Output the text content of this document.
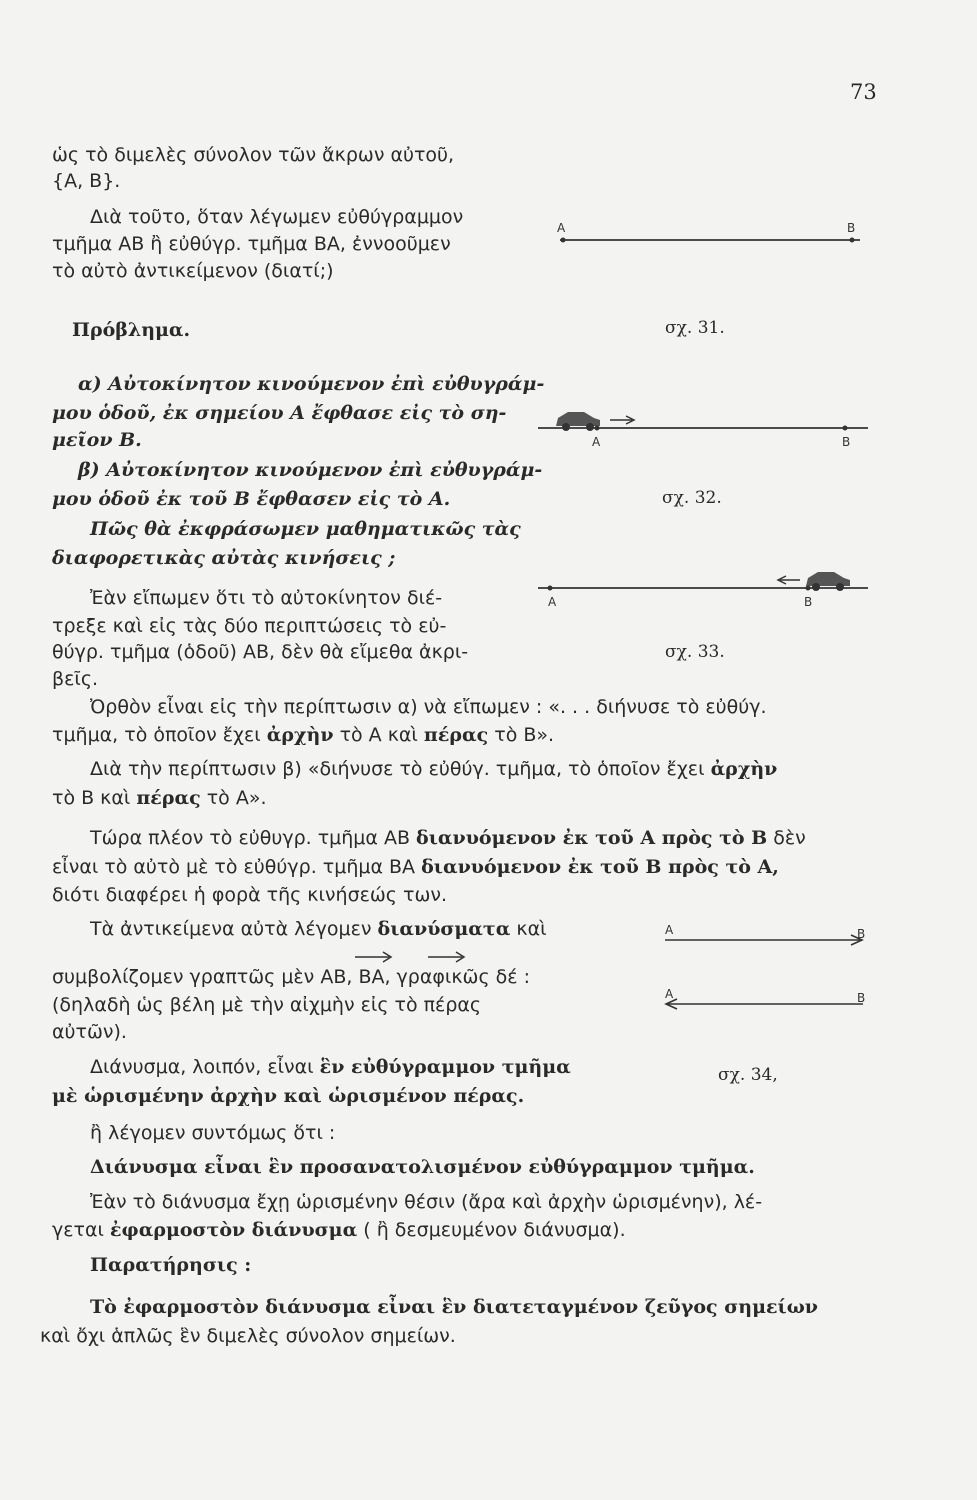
73
ὡς τὸ διμελὲς σύνολον τῶν ἄκρων αὐτοῦ,
{Α, Β}.
Διὰ τοῦτο, ὅταν λέγωμεν εὐθύγραμμον
τμῆμα ΑΒ ἢ εὐθύγρ. τμῆμα ΒΑ, ἐννοοῦμεν
τὸ αὐτὸ ἀντικείμενον (διατί;)
Πρόβλημα.
α) Αὐτοκίνητον κινούμενον ἐπὶ εὐθυγράμ-
μου ὁδοῦ, ἐκ σημείου Α ἔφθασε εἰς τὸ ση-
μεῖον Β.
β) Αὐτοκίνητον κινούμενον ἐπὶ εὐθυγράμ-
μου ὁδοῦ ἐκ τοῦ Β ἔφθασεν εἰς τὸ Α.
Πῶς θὰ ἐκφράσωμεν μαθηματικῶς τὰς
διαφορετικὰς αὐτὰς κινήσεις ;
Ἐὰν εἴπωμεν ὅτι τὸ αὐτοκίνητον διέ-
τρεξε καὶ εἰς τὰς δύο περιπτώσεις τὸ εὐ-
θύγρ. τμῆμα (ὁδοῦ) ΑΒ, δὲν θὰ εἴμεθα ἀκρι-
βεῖς.
Ὀρθὸν εἶναι εἰς τὴν περίπτωσιν α) νὰ εἴπωμεν : «. . . διήνυσε τὸ εὐθύγ.
τμῆμα, τὸ ὁποῖον ἔχει ἀρχὴν τὸ Α καὶ πέρας τὸ Β».
Διὰ τὴν περίπτωσιν β) «διήνυσε τὸ εὐθύγ. τμῆμα, τὸ ὁποῖον ἔχει ἀρχὴν
τὸ Β καὶ πέρας τὸ Α».
Τώρα πλέον τὸ εὐθυγρ. τμῆμα ΑΒ διανυόμενον ἐκ τοῦ Α πρὸς τὸ Β δὲν
εἶναι τὸ αὐτὸ μὲ τὸ εὐθύγρ. τμῆμα ΒΑ διανυόμενον ἐκ τοῦ Β πρὸς τὸ Α,
διότι διαφέρει ἡ φορὰ τῆς κινήσεώς των.
Τὰ ἀντικείμενα αὐτὰ λέγομεν διανύσματα καὶ
συμβολίζομεν γραπτῶς μὲν ΑΒ, ΒΑ, γραφικῶς δέ :
(δηλαδὴ ὡς βέλη μὲ τὴν αἰχμὴν εἰς τὸ πέρας
αὐτῶν).
Διάνυσμα, λοιπόν, εἶναι ἓν εὐθύγραμμον τμῆμα
μὲ ὡρισμένην ἀρχὴν καὶ ὡρισμένον πέρας.
ἢ λέγομεν συντόμως ὅτι :
Διάνυσμα εἶναι ἓν προσανατολισμένον εὐθύγραμμον τμῆμα.
Ἐὰν τὸ διάνυσμα ἔχῃ ὡρισμένην θέσιν (ἄρα καὶ ἀρχὴν ὡρισμένην), λέ-
γεται ἐφαρμοστὸν διάνυσμα ( ἢ δεσμευμένον διάνυσμα).
Παρατήρησις :
Τὸ ἐφαρμοστὸν διάνυσμα εἶναι ἓν διατεταγμένον ζεῦγος σημείων
καὶ ὄχι ἁπλῶς ἓν διμελὲς σύνολον σημείων.
Α	Β
σχ. 31.
Α	Β
σχ. 32.
Α	Β
σχ. 33.
Α	Β
Α	Β
σχ. 34,
